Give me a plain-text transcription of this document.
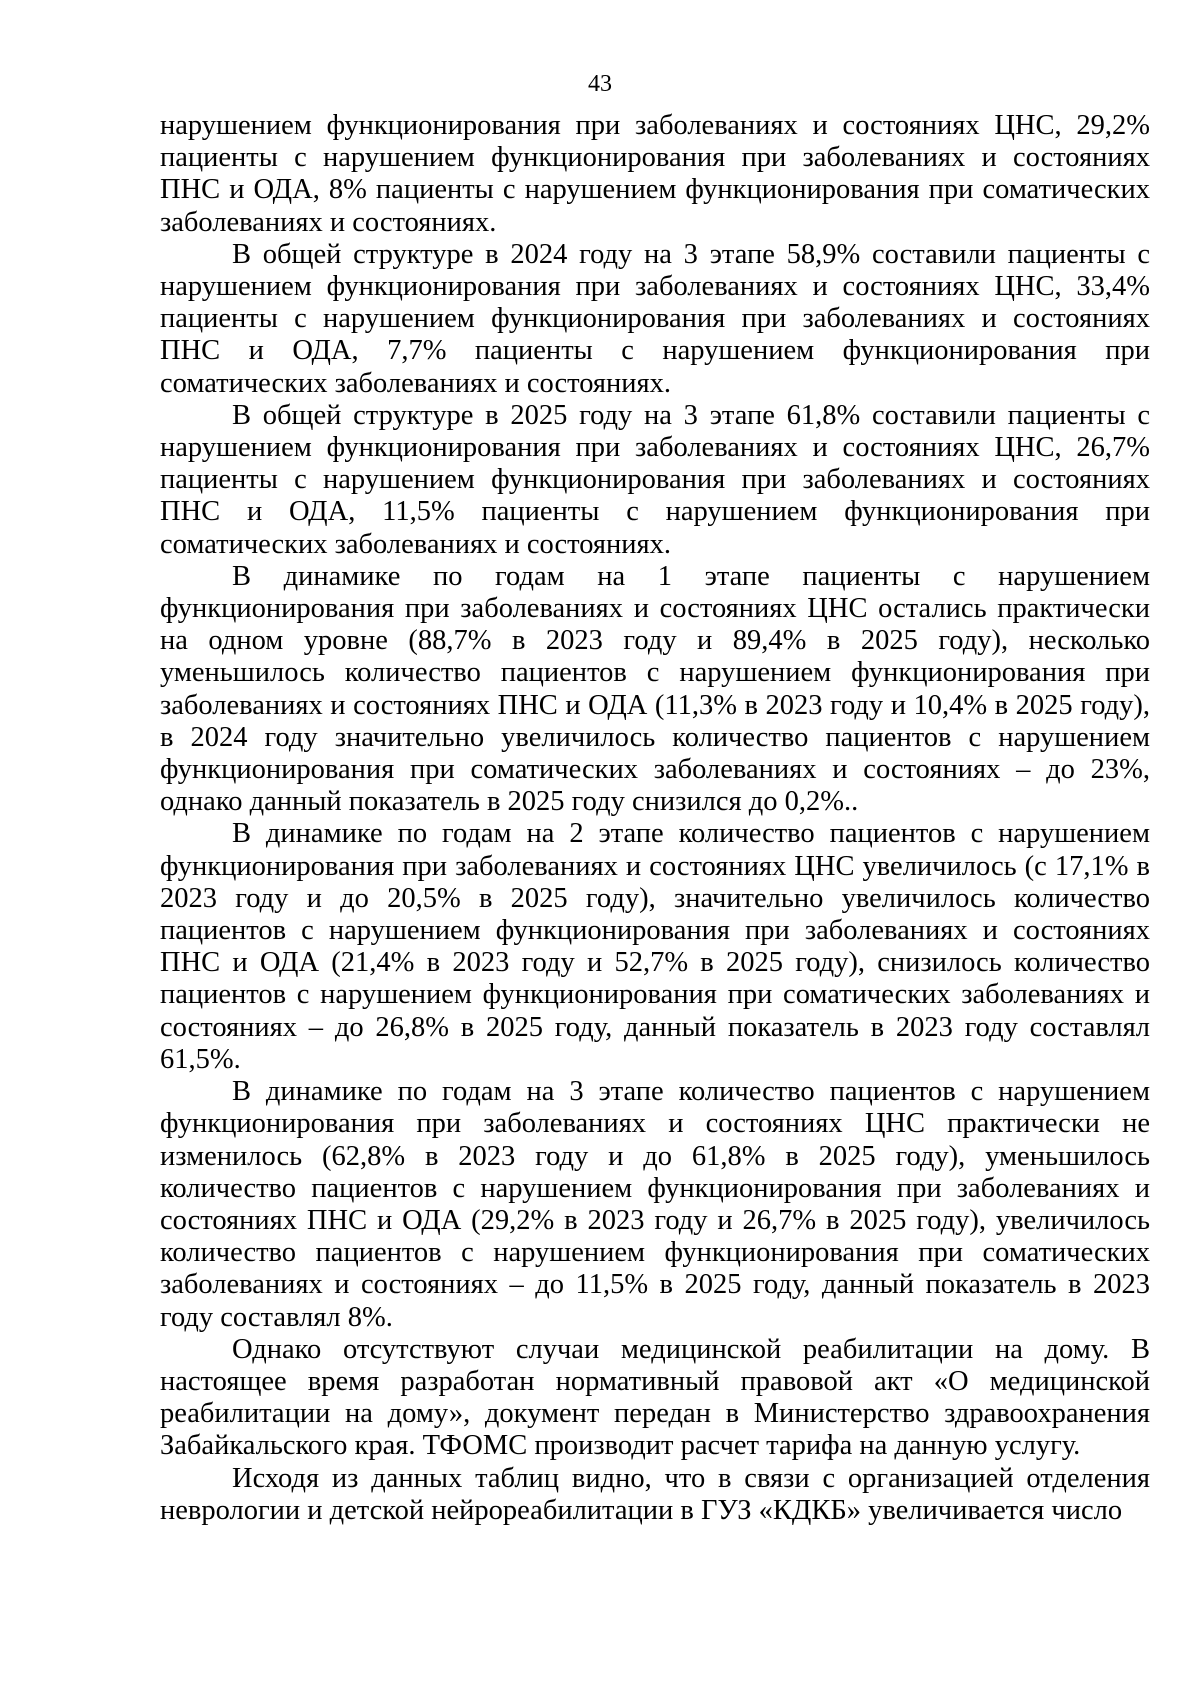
43

нарушением функционирования при заболеваниях и состояниях ЦНС, 29,2% пациенты с нарушением функционирования при заболеваниях и состояниях ПНС и ОДА, 8% пациенты с нарушением функционирования при соматических заболеваниях и состояниях.

В общей структуре в 2024 году на 3 этапе 58,9% составили пациенты с нарушением функционирования при заболеваниях и состояниях ЦНС, 33,4% пациенты с нарушением функционирования при заболеваниях и состояниях ПНС и ОДА, 7,7% пациенты с нарушением функционирования при соматических заболеваниях и состояниях.

В общей структуре в 2025 году на 3 этапе 61,8% составили пациенты с нарушением функционирования при заболеваниях и состояниях ЦНС, 26,7% пациенты с нарушением функционирования при заболеваниях и состояниях ПНС и ОДА, 11,5% пациенты с нарушением функционирования при соматических заболеваниях и состояниях.

В динамике по годам на 1 этапе пациенты с нарушением функционирования при заболеваниях и состояниях ЦНС остались практически на одном уровне (88,7% в 2023 году и 89,4% в 2025 году), несколько уменьшилось количество пациентов с нарушением функционирования при заболеваниях и состояниях ПНС и ОДА (11,3% в 2023 году и 10,4% в 2025 году), в 2024 году значительно увеличилось количество пациентов с нарушением функционирования при соматических заболеваниях и состояниях – до 23%, однако данный показатель в 2025 году снизился до 0,2%..

В динамике по годам на 2 этапе количество пациентов с нарушением функционирования при заболеваниях и состояниях ЦНС увеличилось (с 17,1% в 2023 году и до 20,5% в 2025 году), значительно увеличилось количество пациентов с нарушением функционирования при заболеваниях и состояниях ПНС и ОДА (21,4% в 2023 году и 52,7% в 2025 году), снизилось количество пациентов с нарушением функционирования при соматических заболеваниях и состояниях – до 26,8% в 2025 году, данный показатель в 2023 году составлял 61,5%.

В динамике по годам на 3 этапе количество пациентов с нарушением функционирования при заболеваниях и состояниях ЦНС практически не изменилось (62,8% в 2023 году и до 61,8% в 2025 году), уменьшилось количество пациентов с нарушением функционирования при заболеваниях и состояниях ПНС и ОДА (29,2% в 2023 году и 26,7% в 2025 году), увеличилось количество пациентов с нарушением функционирования при соматических заболеваниях и состояниях – до 11,5% в 2025 году, данный показатель в 2023 году составлял 8%.

Однако отсутствуют случаи медицинской реабилитации на дому. В настоящее время разработан нормативный правовой акт «О медицинской реабилитации на дому», документ передан в Министерство здравоохранения Забайкальского края. ТФОМС производит расчет тарифа на данную услугу.

Исходя из данных таблиц видно, что в связи с организацией отделения неврологии и детской нейрореабилитации в ГУЗ «КДКБ» увеличивается число
